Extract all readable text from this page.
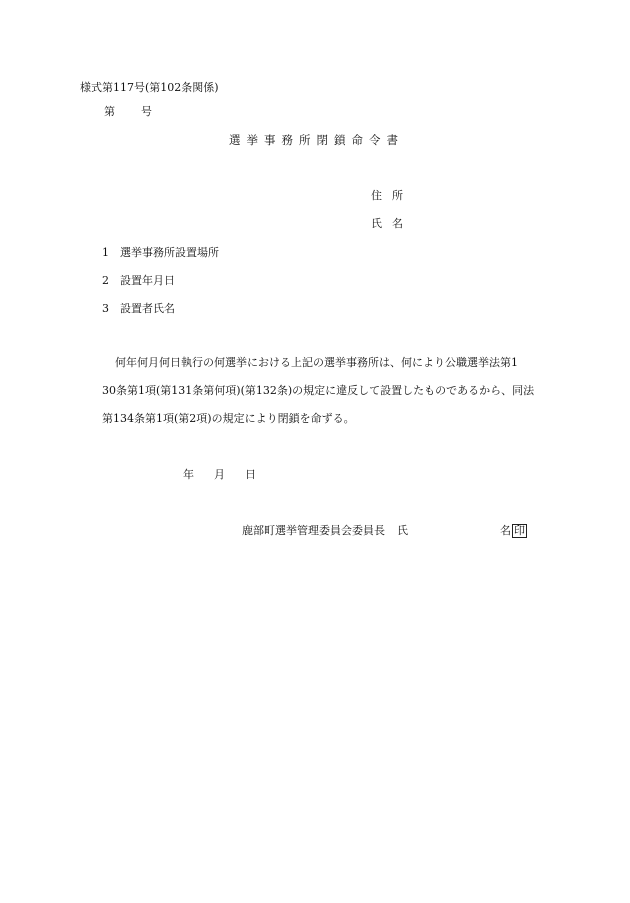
様式第117号(第102条関係)
第 号
選挙事務所閉鎖命令書
住 所
氏 名
1 選挙事務所設置場所
2 設置年月日
3 設置者氏名
何年何月何日執行の何選挙における上記の選挙事務所は、何により公職選挙法第1
30条第1項(第131条第何項)(第132条)の規定に違反して設置したものであるから、同法
第134条第1項(第2項)の規定により閉鎖を命ずる。
年 月 日
鹿部町選挙管理委員会委員長 氏	名 印
